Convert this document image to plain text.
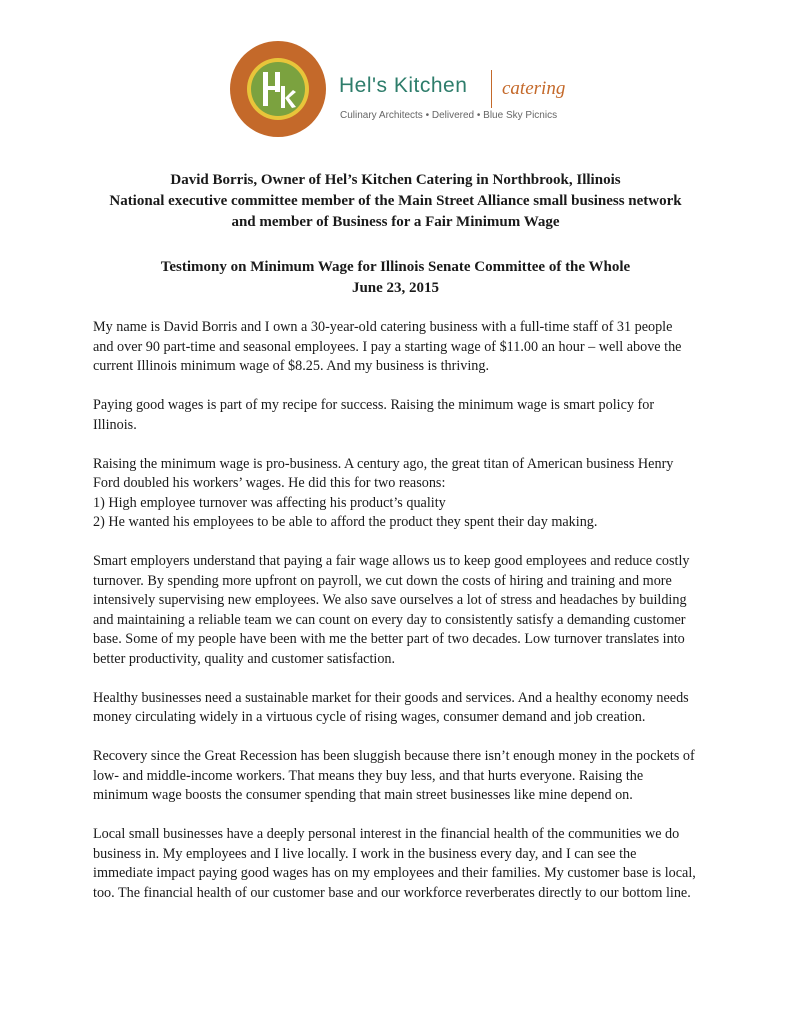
Hel's Kitchen catering
Culinary Architects • Delivered • Blue Sky Picnics
David Borris, Owner of Hel’s Kitchen Catering in Northbrook, Illinois
National executive committee member of the Main Street Alliance small business network
and member of Business for a Fair Minimum Wage
Testimony on Minimum Wage for Illinois Senate Committee of the Whole
June 23, 2015

My name is David Borris and I own a 30-year-old catering business with a full-time staff of 31 people
and over 90 part-time and seasonal employees. I pay a starting wage of $11.00 an hour – well above the
current Illinois minimum wage of $8.25. And my business is thriving.

Paying good wages is part of my recipe for success. Raising the minimum wage is smart policy for
Illinois.

Raising the minimum wage is pro-business. A century ago, the great titan of American business Henry
Ford doubled his workers’ wages. He did this for two reasons:
1) High employee turnover was affecting his product’s quality
2) He wanted his employees to be able to afford the product they spent their day making.

Smart employers understand that paying a fair wage allows us to keep good employees and reduce costly
turnover. By spending more upfront on payroll, we cut down the costs of hiring and training and more
intensively supervising new employees. We also save ourselves a lot of stress and headaches by building
and maintaining a reliable team we can count on every day to consistently satisfy a demanding customer
base. Some of my people have been with me the better part of two decades. Low turnover translates into
better productivity, quality and customer satisfaction.

Healthy businesses need a sustainable market for their goods and services. And a healthy economy needs
money circulating widely in a virtuous cycle of rising wages, consumer demand and job creation.

Recovery since the Great Recession has been sluggish because there isn’t enough money in the pockets of
low- and middle-income workers. That means they buy less, and that hurts everyone. Raising the
minimum wage boosts the consumer spending that main street businesses like mine depend on.

Local small businesses have a deeply personal interest in the financial health of the communities we do
business in. My employees and I live locally. I work in the business every day, and I can see the
immediate impact paying good wages has on my employees and their families. My customer base is local,
too. The financial health of our customer base and our workforce reverberates directly to our bottom line.
